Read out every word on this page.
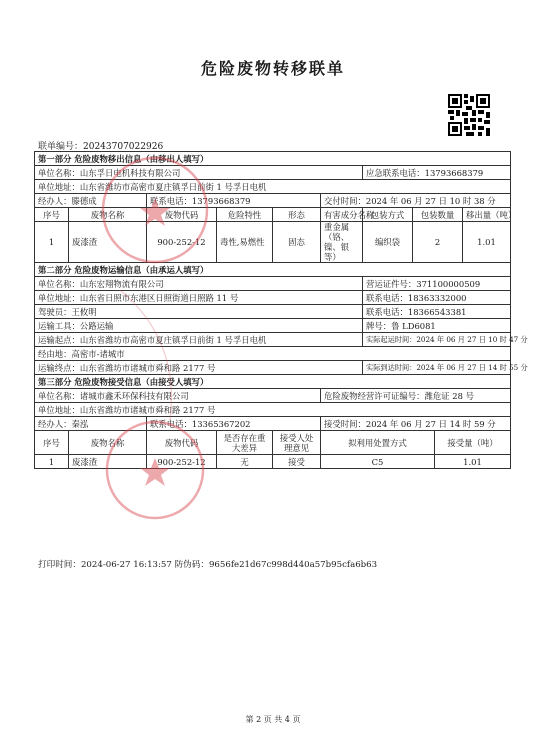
危险废物转移联单
联单编号：20243707022926
第一部分 危险废物移出信息（由移出人填写）									
单位名称：山东孚日电机科技有限公司						应急联系电话：13793668379			
单位地址：山东省潍坊市高密市夏庄镇孚日前街 1 号孚日电机									
经办人：滕德成		联系电话：13793668379			交付时间：2024 年 06 月 27 日 10 时 38 分				
序号	废物名称	废物代码	危险特性	形态	有害成分名称	包装方式	包装数量		移出量（吨）
1	废漆渣	900-252-12	毒性,易燃性	固态	重金属（铬、镍、银等）	编织袋	2		1.01
第二部分 危险废物运输信息（由承运人填写）									
单位名称：山东宏翔物流有限公司						营运证件号：371100000509			
单位地址：山东省日照市东港区日照街道日照路 11 号						联系电话：18363332000			
驾驶员：王攸明						联系电话：18366543381			
运输工具：公路运输						牌号：鲁 LD6081			
运输起点：山东省潍坊市高密市夏庄镇孚日前街 1 号孚日电机						实际起运时间：2024 年 06 月 27 日 10 时 47 分			
经由地：高密市-诸城市									
运输终点：山东省潍坊市诸城市舜和路 2177 号						实际到达时间：2024 年 06 月 27 日 14 时 55 分			
第三部分 危险废物接受信息（由接受人填写）									
单位名称：诸城市鑫禾环保科技有限公司					危险废物经营许可证编号：潍危证 28 号				
单位地址：山东省潍坊市诸城市舜和路 2177 号									
经办人：秦泓		联系电话：13365367202			接受时间：2024 年 06 月 27 日 14 时 59 分				
序号	废物名称	废物代码	是否存在重大差异	接受人处理意见	拟利用处置方式			接受量（吨）	
1	废漆渣	900-252-12	无	接受	C5			1.01	
打印时间：2024-06-27 16:13:57 防伪码：9656fe21d67c998d440a57b95cfa6b63
第 2 页 共 4 页
